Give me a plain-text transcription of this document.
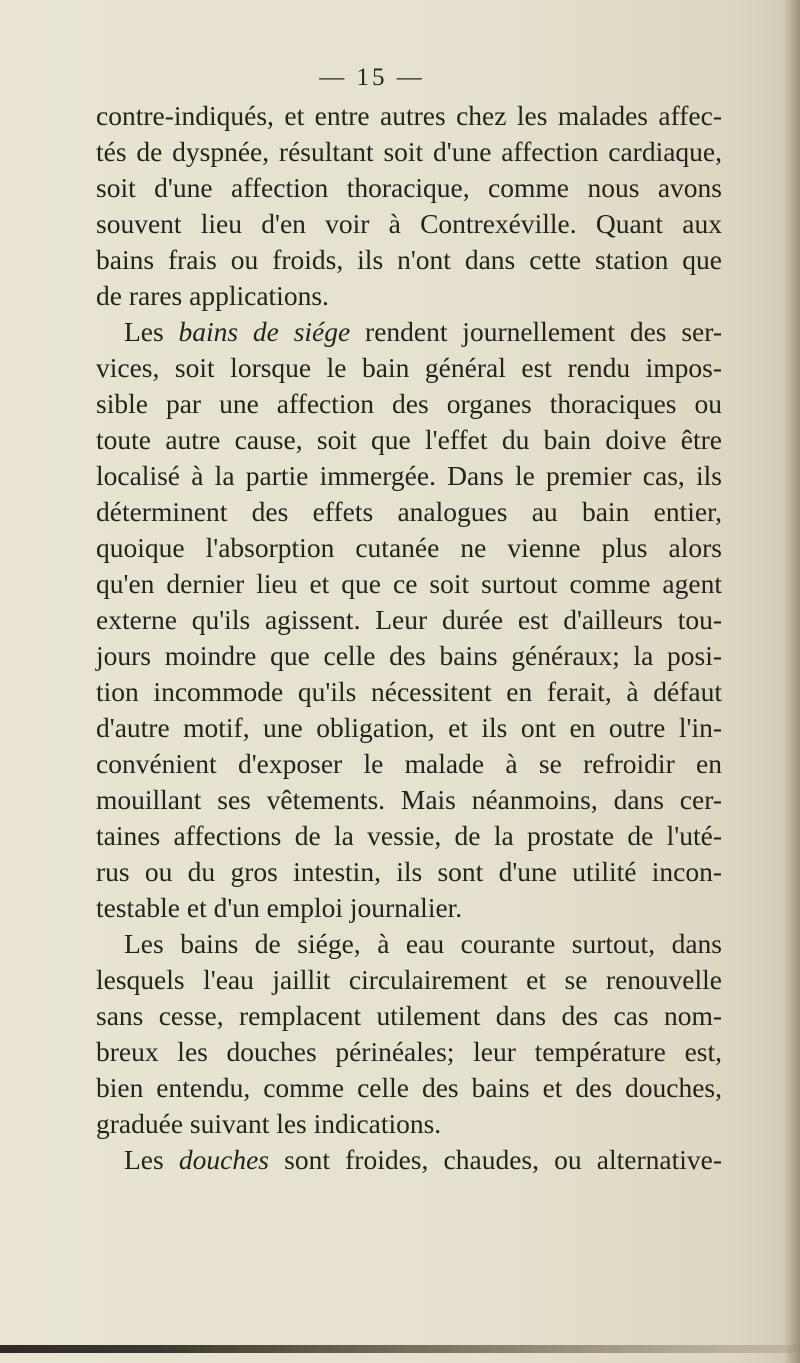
— 15 —
contre-indiqués, et entre autres chez les malades affec-
tés de dyspnée, résultant soit d'une affection cardiaque,
soit d'une affection thoracique, comme nous avons
souvent lieu d'en voir à Contrexéville. Quant aux
bains frais ou froids, ils n'ont dans cette station que
de rares applications.
Les bains de siége rendent journellement des ser-
vices, soit lorsque le bain général est rendu impos-
sible par une affection des organes thoraciques ou
toute autre cause, soit que l'effet du bain doive être
localisé à la partie immergée. Dans le premier cas, ils
déterminent des effets analogues au bain entier,
quoique l'absorption cutanée ne vienne plus alors
qu'en dernier lieu et que ce soit surtout comme agent
externe qu'ils agissent. Leur durée est d'ailleurs tou-
jours moindre que celle des bains généraux; la posi-
tion incommode qu'ils nécessitent en ferait, à défaut
d'autre motif, une obligation, et ils ont en outre l'in-
convénient d'exposer le malade à se refroidir en
mouillant ses vêtements. Mais néanmoins, dans cer-
taines affections de la vessie, de la prostate de l'uté-
rus ou du gros intestin, ils sont d'une utilité incon-
testable et d'un emploi journalier.
Les bains de siége, à eau courante surtout, dans
lesquels l'eau jaillit circulairement et se renouvelle
sans cesse, remplacent utilement dans des cas nom-
breux les douches périnéales; leur température est,
bien entendu, comme celle des bains et des douches,
graduée suivant les indications.
Les douches sont froides, chaudes, ou alternative-
